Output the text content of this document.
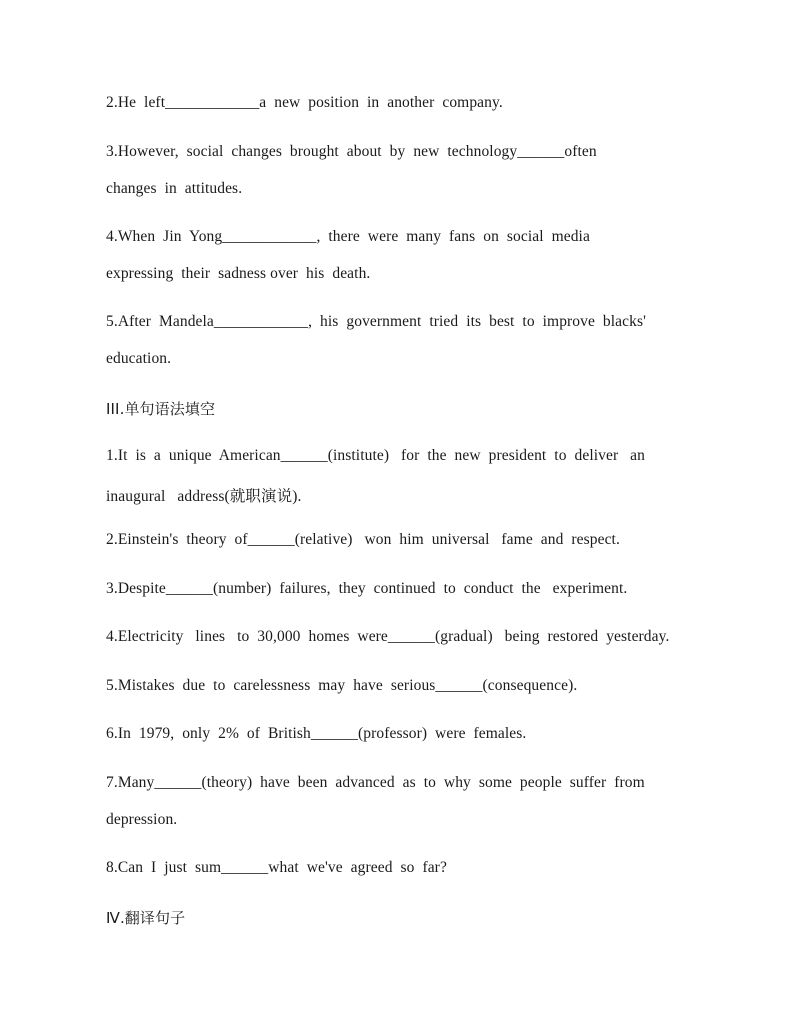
2.He  left____________a  new  position  in  another  company.
3.However,  social  changes  brought  about  by  new  technology______often
changes  in  attitudes.
4.When  Jin  Yong____________,  there  were  many  fans  on  social  media
expressing  their  sadness over  his  death.
5.After  Mandela____________,  his  government  tried  its  best  to  improve  blacks'
education.
III.单句语法填空
1.It  is  a  unique  American______(institute)   for  the  new  president  to  deliver   an
inaugural   address(就职演说).
2.Einstein's  theory  of______(relative)   won  him  universal   fame  and  respect.
3.Despite______(number)  failures,  they  continued  to  conduct  the   experiment.
4.Electricity   lines   to  30,000  homes  were______(gradual)   being  restored  yesterday.
5.Mistakes  due  to  carelessness  may  have  serious______(consequence).
6.In  1979,  only  2%  of  British______(professor)  were  females.
7.Many______(theory)  have  been  advanced  as  to  why  some  people  suffer  from
depression.
8.Can  I  just  sum______what  we've  agreed  so  far?
Ⅳ.翻译句子
